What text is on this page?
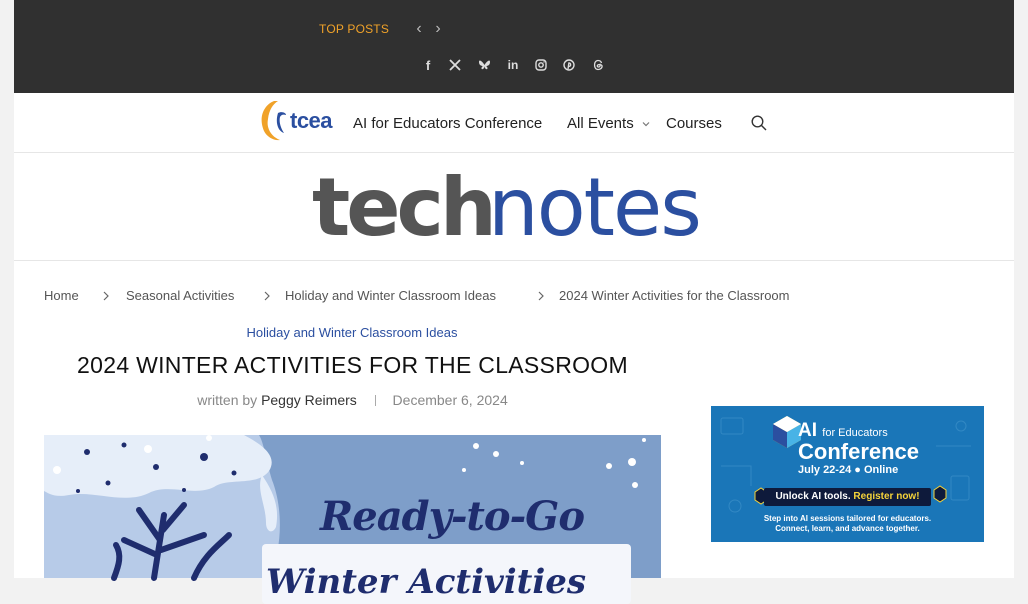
TOP POSTS ‹ ›
f	in
tcea AI for Educators Conference All Events Courses
tech
notes
Home	Seasonal Activities	Holiday and Winter Classroom Ideas	2024 Winter Activities for the Classroom
Holiday and Winter Classroom Ideas
2024 WINTER ACTIVITIES FOR THE CLASSROOM
written by Peggy Reimers	December 6, 2024
Ready-to-Go
Winter Activities
AI for Educators
Conference
July 22-24 ● Online
Unlock AI tools. Register now!
Step into AI sessions tailored for educators.
Connect, learn, and advance together.
